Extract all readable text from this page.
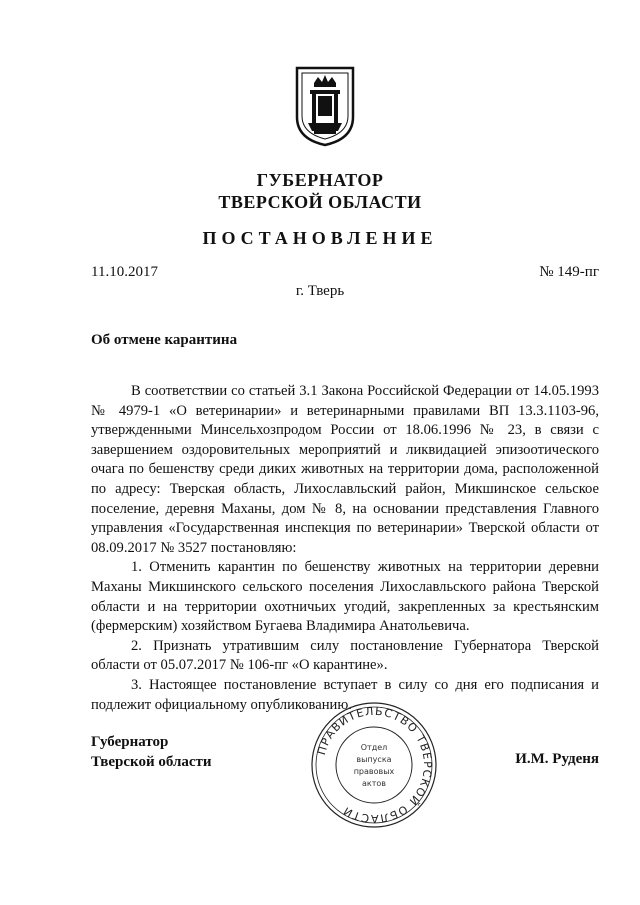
ГУБЕРНАТОР
ТВЕРСКОЙ ОБЛАСТИ
ПОСТАНОВЛЕНИЕ
11.10.2017	№ 149-пг
г. Тверь
Об отмене карантина

В соответствии со статьей 3.1 Закона Российской Федерации от 14.05.1993 № 4979-1 «О ветеринарии» и ветеринарными правилами ВП 13.3.1103-96, утвержденными Минсельхозпродом России от 18.06.1996 № 23, в связи с завершением оздоровительных мероприятий и ликвидацией эпизоотического очага по бешенству среди диких животных на территории дома, расположенной по адресу: Тверская область, Лихославльский район, Микшинское сельское поселение, деревня Маханы, дом № 8, на основании представления Главного управления «Государственная инспекция по ветеринарии» Тверской области от 08.09.2017 № 3527 постановляю:

1. Отменить карантин по бешенству животных на территории деревни Маханы Микшинского сельского поселения Лихославльского района Тверской области и на территории охотничьих угодий, закрепленных за крестьянским (фермерским) хозяйством Бугаева Владимира Анатольевича.

2. Признать утратившим силу постановление Губернатора Тверской области от 05.07.2017 № 106-пг «О карантине».

3. Настоящее постановление вступает в силу со дня его подписания и подлежит официальному опубликованию.

Губернатор
Тверской области	И.М. Руденя
ПРАВИТЕЛЬСТВО ТВЕРСКОЙ ОБЛАСТИ
Отдел
выпуска
правовых
актов
